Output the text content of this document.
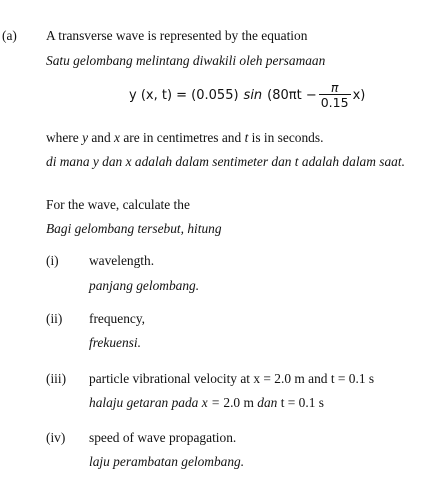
(a) A transverse wave is represented by the equation
Satu gelombang melintang diwakili oleh persamaan
y (x, t) = (0.055) $\sin (80\pi t - \frac{\pi}{0.15} x)$
where y and x are in centimetres and t is in seconds.
di mana y dan x adalah dalam sentimeter dan t adalah dalam saat.
For the wave, calculate the
Bagi gelombang tersebut, hitung
(i) wavelength.
panjang gelombang.
(ii) frequency,
frekuensi.
(iii) particle vibrational velocity at x = 2.0 m and t = 0.1 s
halaju getaran pada x = 2.0 m dan t = 0.1 s
(iv) speed of wave propagation.
laju perambatan gelombang.
